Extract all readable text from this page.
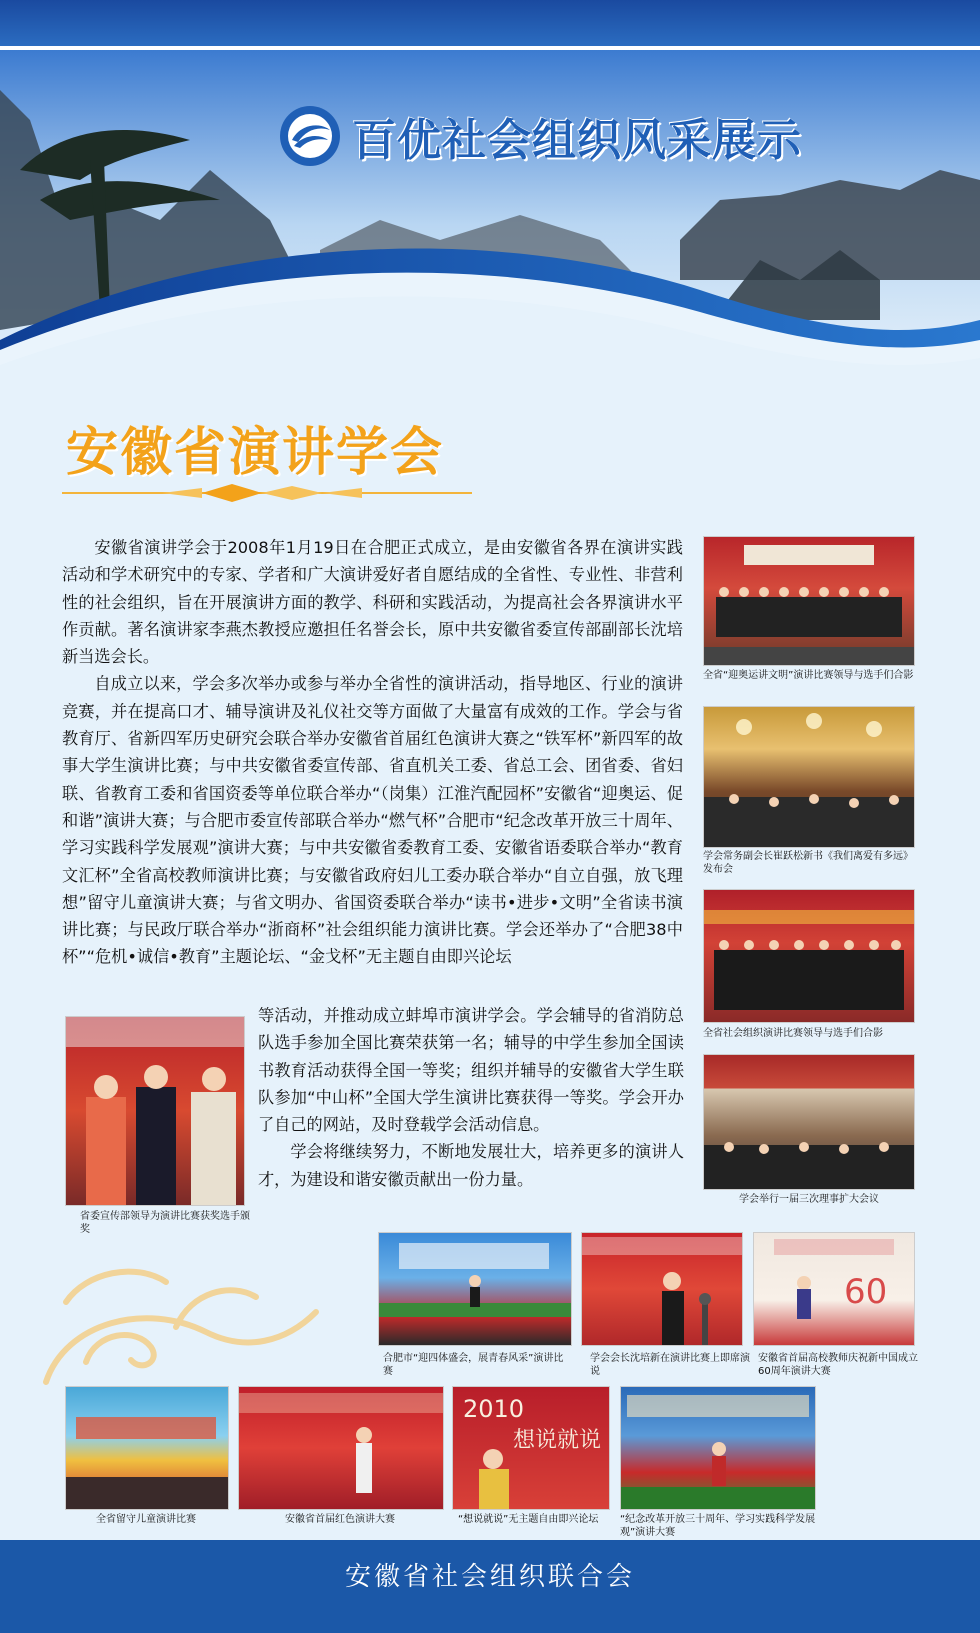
百优社会组织风采展示
安徽省演讲学会

安徽省演讲学会于2008年1月19日在合肥正式成立，是由安徽省各界在演讲实践活动和学术研究中的专家、学者和广大演讲爱好者自愿结成的全省性、专业性、非营利性的社会组织，旨在开展演讲方面的教学、科研和实践活动，为提高社会各界演讲水平作贡献。著名演讲家李燕杰教授应邀担任名誉会长，原中共安徽省委宣传部副部长沈培新当选会长。

自成立以来，学会多次举办或参与举办全省性的演讲活动，指导地区、行业的演讲竞赛，并在提高口才、辅导演讲及礼仪社交等方面做了大量富有成效的工作。学会与省教育厅、省新四军历史研究会联合举办安徽省首届红色演讲大赛之“铁军杯”新四军的故事大学生演讲比赛；与中共安徽省委宣传部、省直机关工委、省总工会、团省委、省妇联、省教育工委和省国资委等单位联合举办“（岗集）江淮汽配园杯”安徽省“迎奥运、促和谐”演讲大赛；与合肥市委宣传部联合举办“燃气杯”合肥市“纪念改革开放三十周年、学习实践科学发展观”演讲大赛；与中共安徽省委教育工委、安徽省语委联合举办“教育文汇杯”全省高校教师演讲比赛；与安徽省政府妇儿工委办联合举办“自立自强，放飞理想”留守儿童演讲大赛；与省文明办、省国资委联合举办“读书•进步•文明”全省读书演讲比赛；与民政厅联合举办“浙商杯”社会组织能力演讲比赛。学会还举办了“合肥38中杯”“危机•诚信•教育”主题论坛、“金戈杯”无主题自由即兴论坛

等活动，并推动成立蚌埠市演讲学会。学会辅导的省消防总队选手参加全国比赛荣获第一名；辅导的中学生参加全国读书教育活动获得全国一等奖；组织并辅导的安徽省大学生联队参加“中山杯”全国大学生演讲比赛获得一等奖。学会开办了自己的网站，及时登载学会活动信息。

学会将继续努力，不断地发展壮大，培养更多的演讲人才，为建设和谐安徽贡献出一份力量。

全省“迎奥运讲文明”演讲比赛领导与选手们合影
学会常务副会长崔跃松新书《我们离爱有多远》发布会
全省社会组织演讲比赛领导与选手们合影
学会举行一届三次理事扩大会议
省委宣传部领导为演讲比赛获奖选手颁奖
合肥市“迎四体盛会，展青春风采”演讲比赛
学会会长沈培新在演讲比赛上即席演说
60
安徽省首届高校教师庆祝新中国成立60周年演讲大赛
全省留守儿童演讲比赛	安徽省首届红色演讲大赛
2010
想说就说
“想说就说”无主题自由即兴论坛	“纪念改革开放三十周年、学习实践科学发展观”演讲大赛
安徽省社会组织联合会
